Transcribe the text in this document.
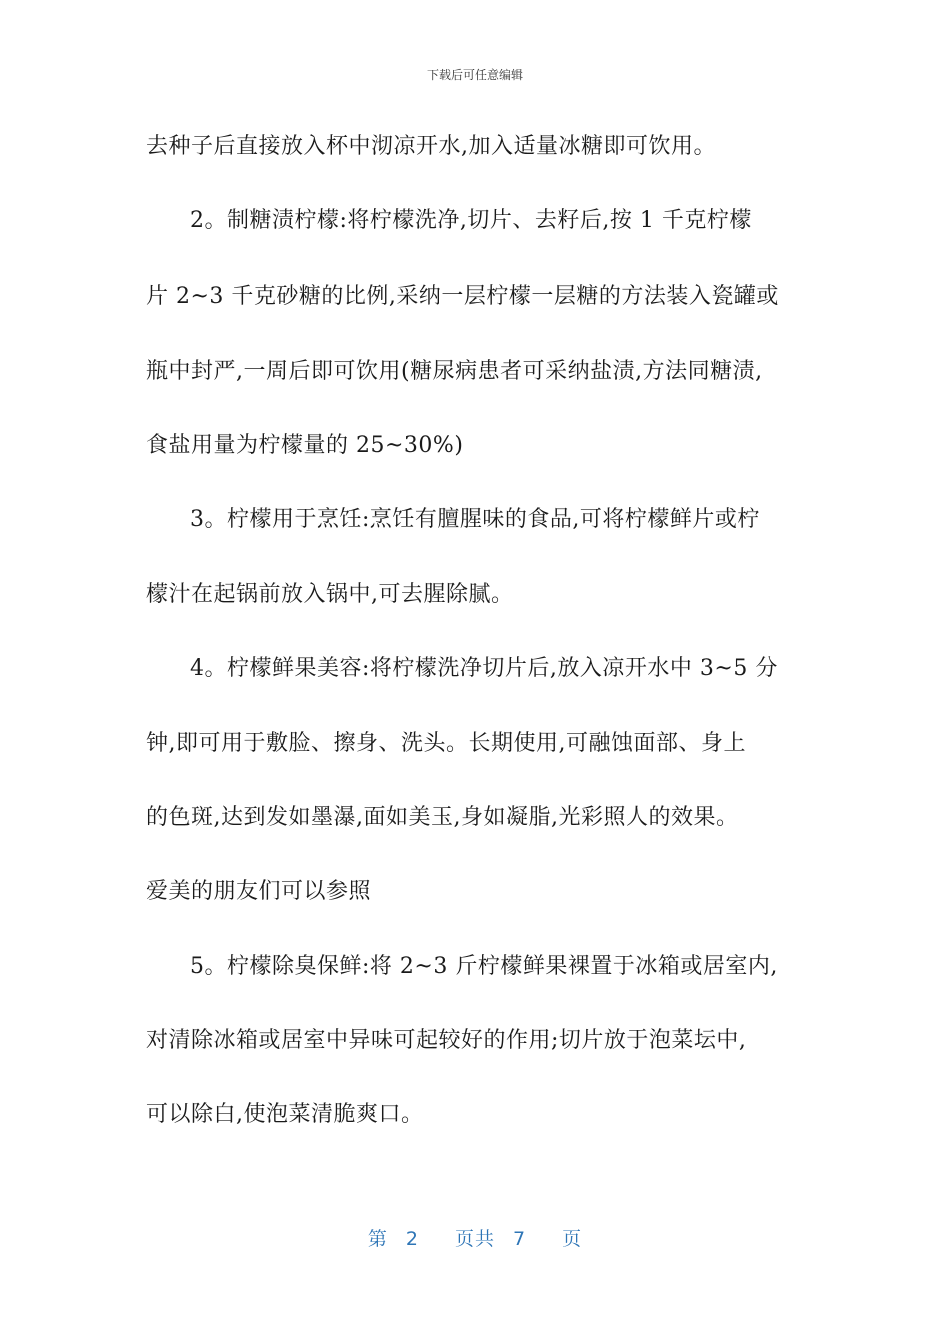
下载后可任意编辑
去种子后直接放入杯中沏凉开水,加入适量冰糖即可饮用。
2。制糖渍柠檬:将柠檬洗净,切片、去籽后,按 1 千克柠檬
片 2~3 千克砂糖的比例,采纳一层柠檬一层糖的方法装入瓷罐或
瓶中封严,一周后即可饮用(糖尿病患者可采纳盐渍,方法同糖渍,
食盐用量为柠檬量的 25~30%)
3。柠檬用于烹饪:烹饪有膻腥味的食品,可将柠檬鲜片或柠
檬汁在起锅前放入锅中,可去腥除腻。
4。柠檬鲜果美容:将柠檬洗净切片后,放入凉开水中 3~5 分
钟,即可用于敷脸、擦身、洗头。长期使用,可融蚀面部、身上
的色斑,达到发如墨瀑,面如美玉,身如凝脂,光彩照人的效果。
爱美的朋友们可以参照
5。柠檬除臭保鲜:将 2~3 斤柠檬鲜果裸置于冰箱或居室内,
对清除冰箱或居室中异味可起较好的作用;切片放于泡菜坛中,
可以除白,使泡菜清脆爽口。
第 2 页共 7 页
